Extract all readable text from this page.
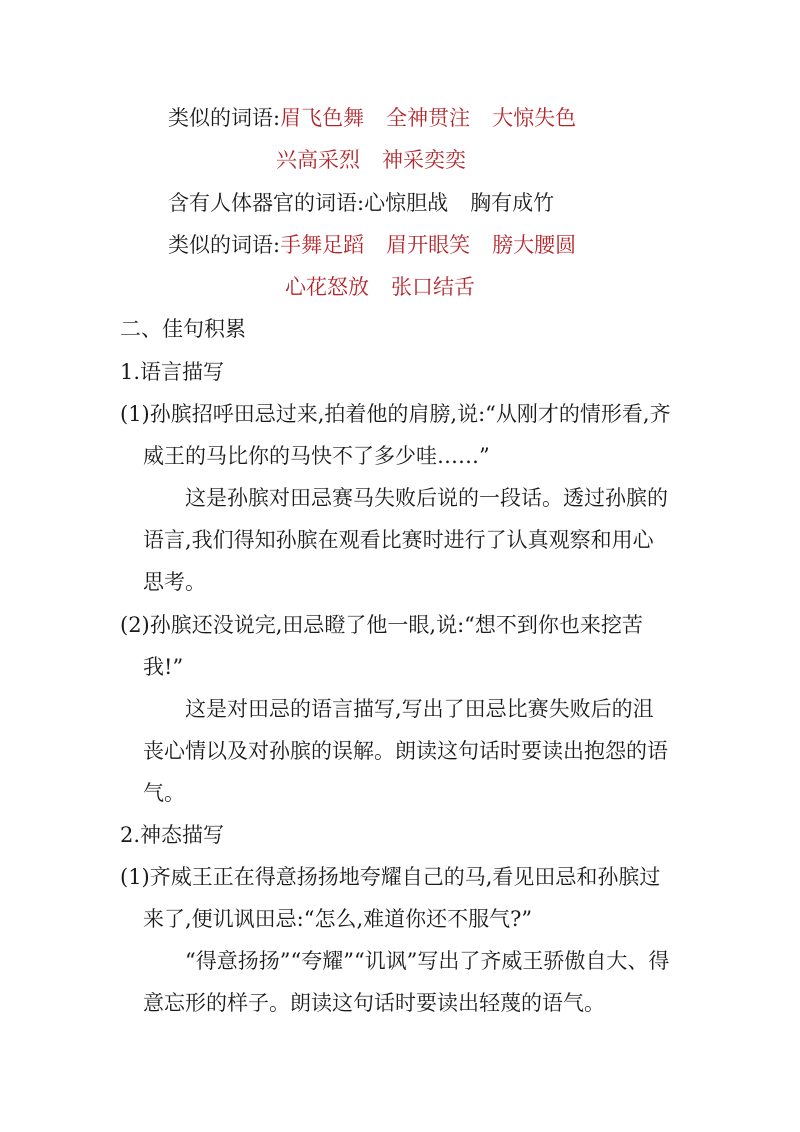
类似的词语:眉飞色舞 全神贯注 大惊失色
兴高采烈 神采奕奕
含有人体器官的词语:心惊胆战 胸有成竹
类似的词语:手舞足蹈 眉开眼笑 膀大腰圆
心花怒放 张口结舌
二、佳句积累
1.语言描写
(1)孙膑招呼田忌过来,拍着他的肩膀,说:“从刚才的情形看,齐
威王的马比你的马快不了多少哇……”
这是孙膑对田忌赛马失败后说的一段话。透过孙膑的
语言,我们得知孙膑在观看比赛时进行了认真观察和用心
思考。
(2)孙膑还没说完,田忌瞪了他一眼,说:“想不到你也来挖苦
我!”
这是对田忌的语言描写,写出了田忌比赛失败后的沮
丧心情以及对孙膑的误解。朗读这句话时要读出抱怨的语
气。
2.神态描写
(1)齐威王正在得意扬扬地夸耀自己的马,看见田忌和孙膑过
来了,便讥讽田忌:“怎么,难道你还不服气?”
“得意扬扬”“夸耀”“讥讽”写出了齐威王骄傲自大、得
意忘形的样子。朗读这句话时要读出轻蔑的语气。
